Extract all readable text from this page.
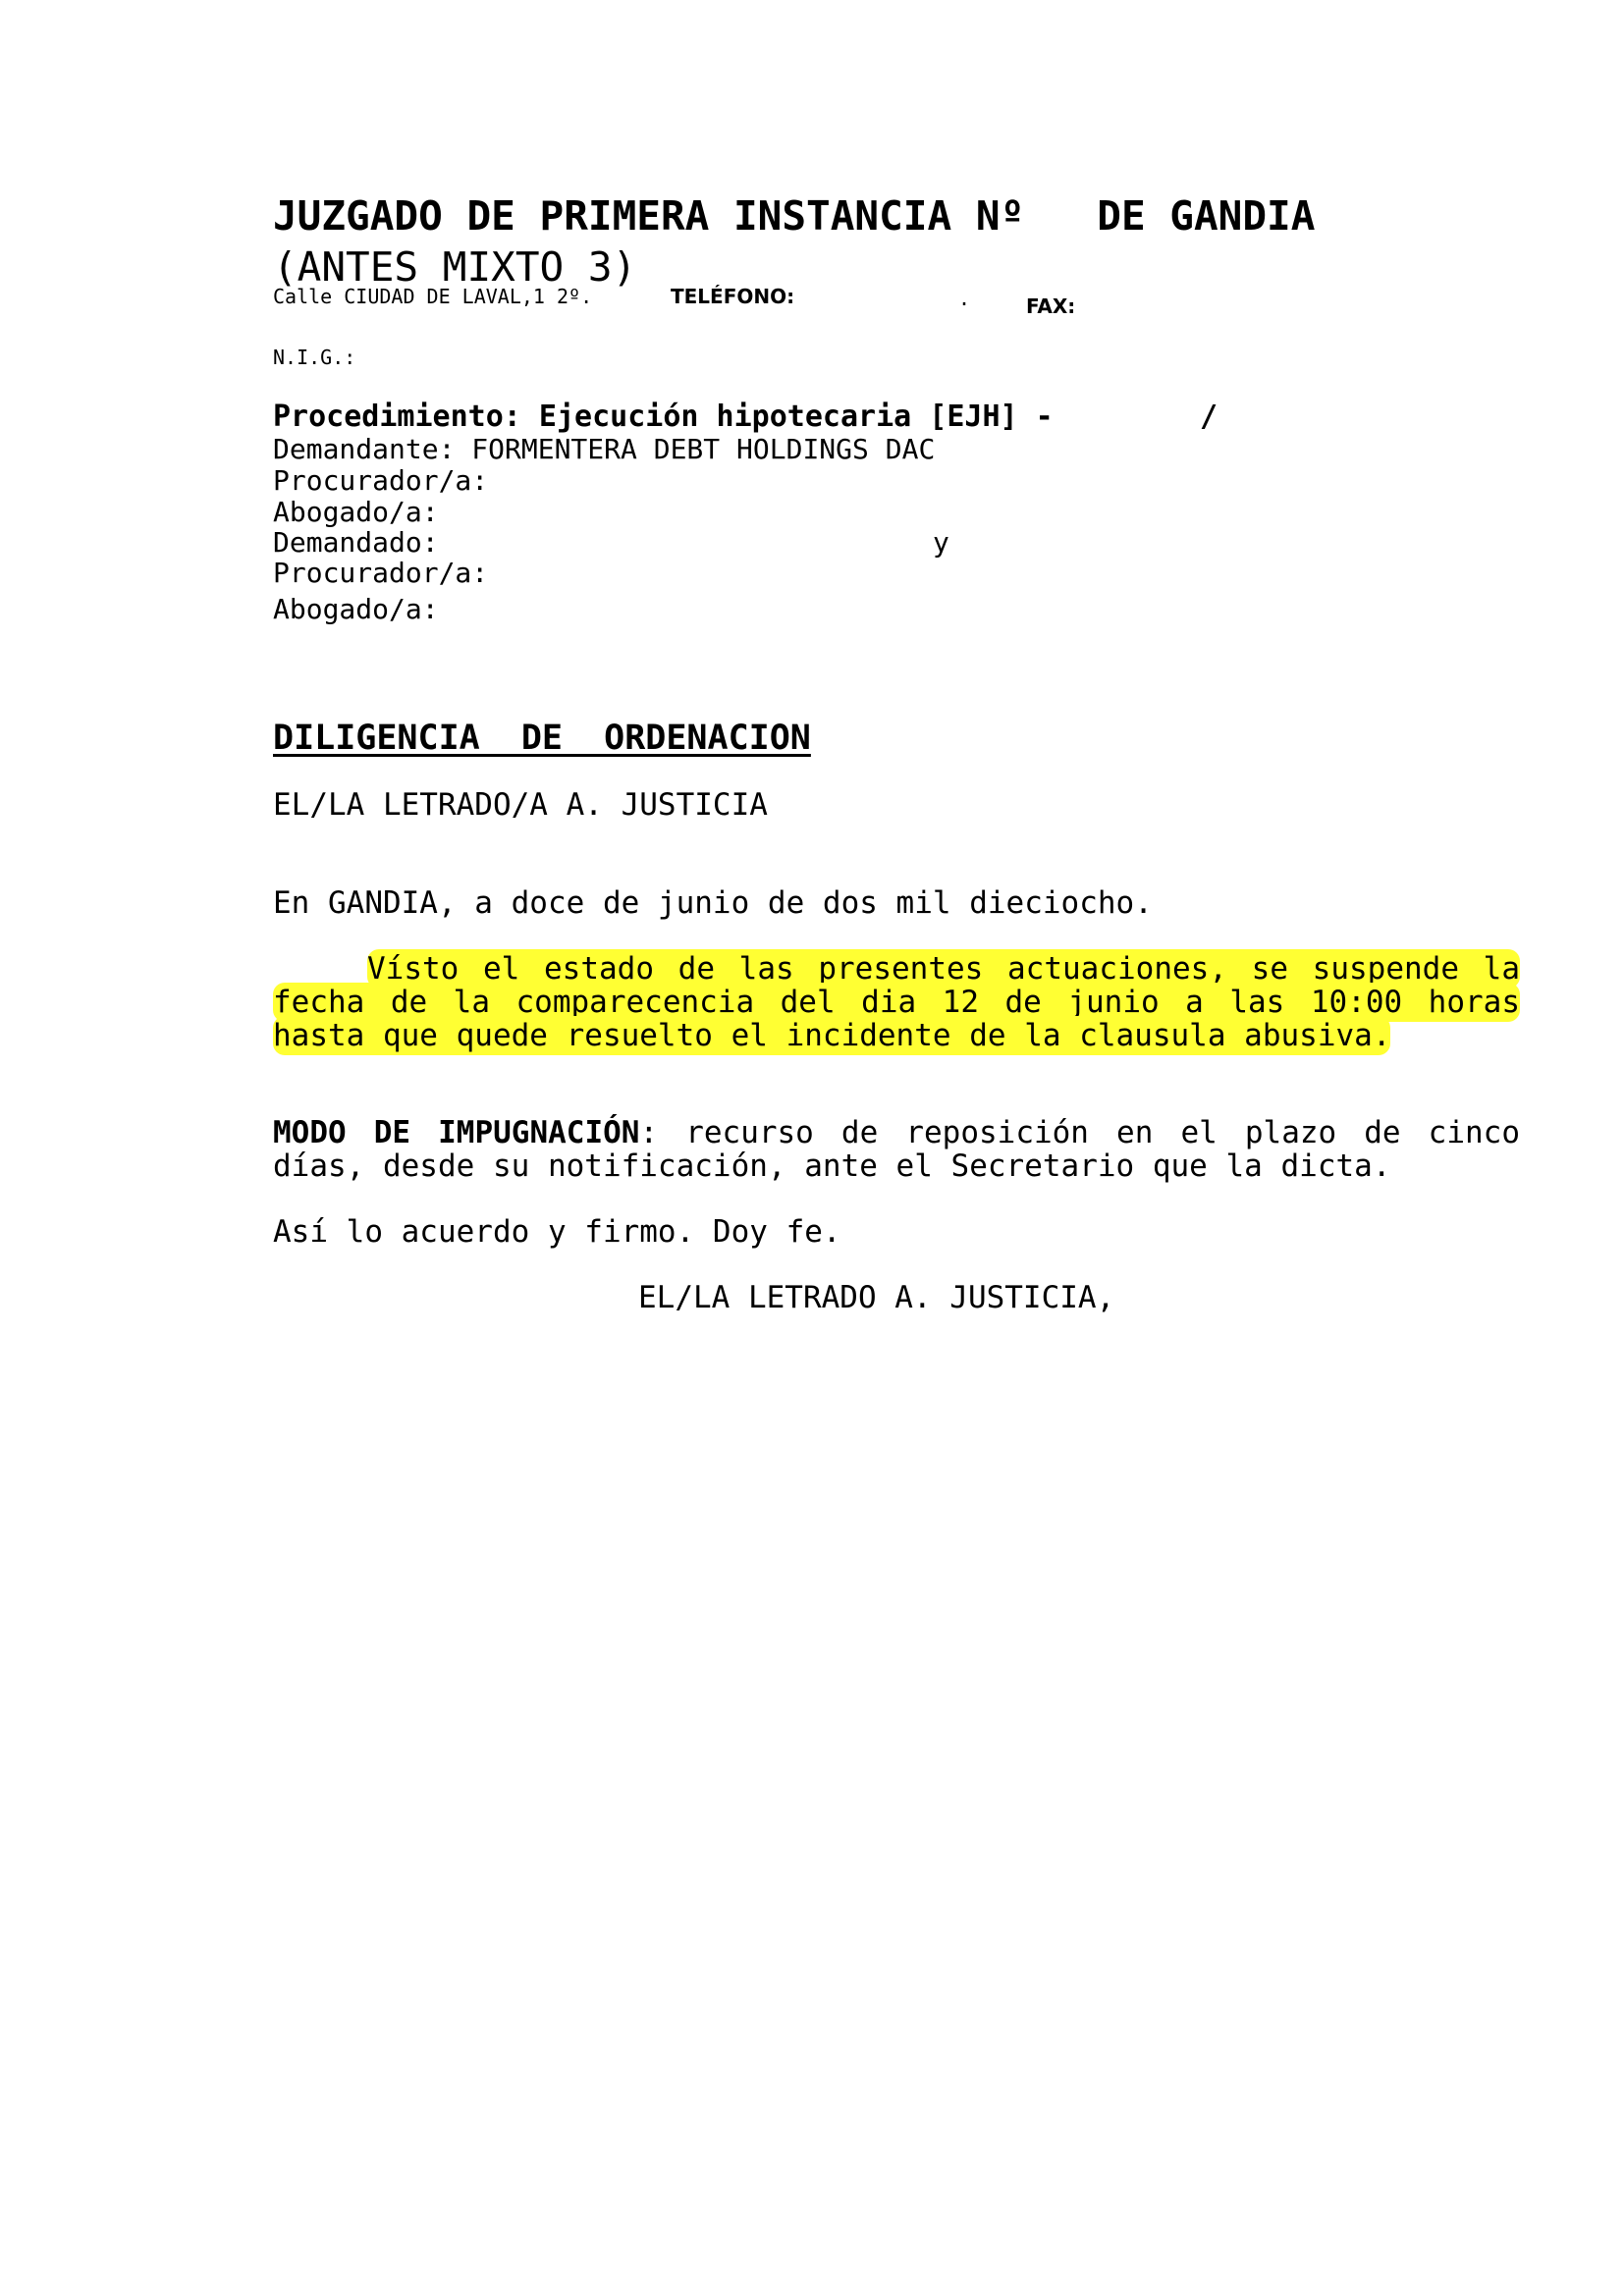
JUZGADO DE PRIMERA INSTANCIA Nº   DE GANDIA
(ANTES MIXTO 3)
Calle CIUDAD DE LAVAL,1 2º.	TELÉFONO:	.	FAX:
N.I.G.:
Procedimiento: Ejecución hipotecaria [EJH] -	/
Demandante: FORMENTERA DEBT HOLDINGS DAC
Procurador/a:
Abogado/a:
Demandado:	y
Procurador/a:
Abogado/a:
DILIGENCIA  DE  ORDENACION
EL/LA LETRADO/A A. JUSTICIA
En GANDIA, a doce de junio de dos mil dieciocho.
Vísto el estado de las presentes actuaciones, se suspende la fecha de la comparecencia del dia 12 de junio a las 10:00 horas hasta que quede resuelto el incidente de la clausula abusiva.
MODO DE IMPUGNACIÓN: recurso de reposición en el plazo de cinco días, desde su notificación, ante el Secretario que la dicta.
Así lo acuerdo y firmo. Doy fe.
EL/LA LETRADO A. JUSTICIA,
